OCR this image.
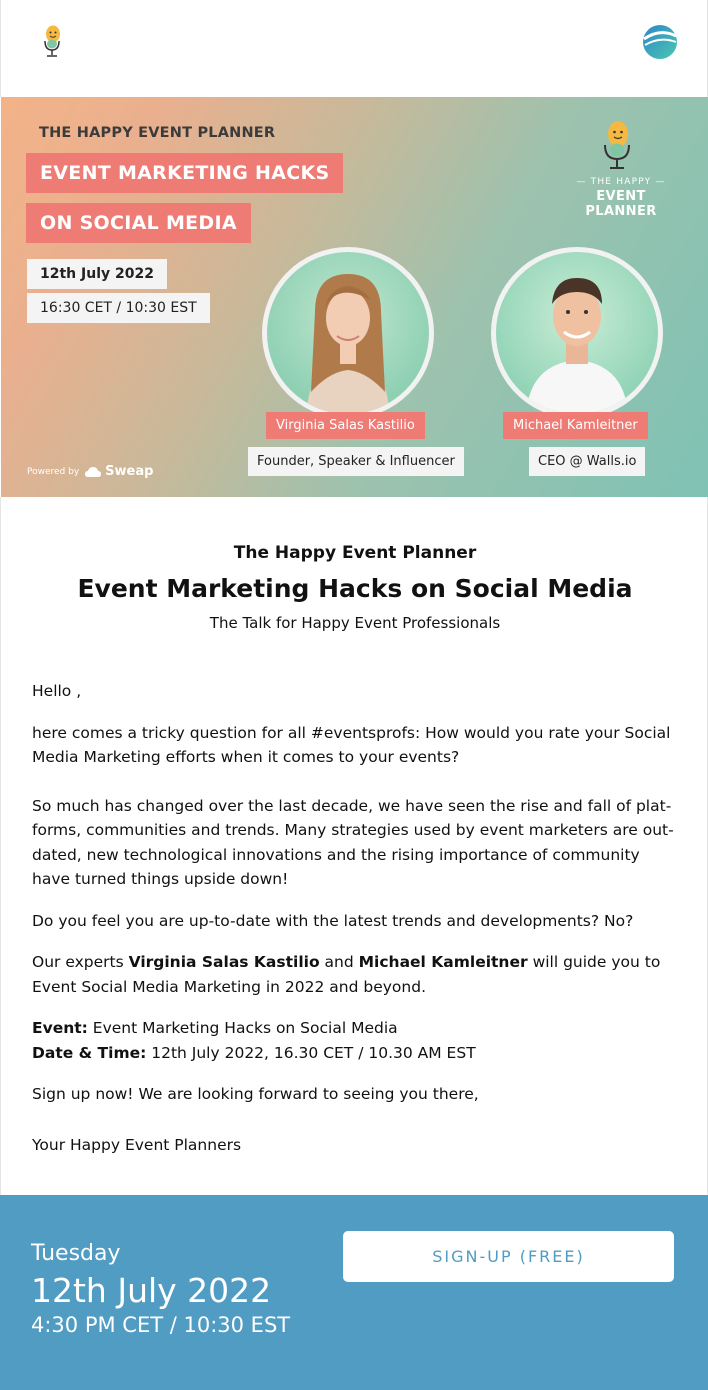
THE HAPPY EVENT PLANNER
EVENT MARKETING HACKS
ON SOCIAL MEDIA
12th July 2022
16:30 CET / 10:30 EST
— THE HAPPY —
EVENT PLANNER
Virginia Salas Kastilio	Michael Kamleitner
Founder, Speaker & Influencer	CEO @ Walls.io
Powered by Sweap
The Happy Event Planner
Event Marketing Hacks on Social Media
The Talk for Happy Event Professionals

Hello ,

here comes a tricky question for all #eventsprofs: How would you rate your Social Media Marketing efforts when it comes to your events?

So much has changed over the last decade, we have seen the rise and fall of plat-forms, communities and trends. Many strategies used by event marketers are out-dated, new technological innovations and the rising importance of community have turned things upside down!

Do you feel you are up-to-date with the latest trends and developments? No?

Our experts Virginia Salas Kastilio and Michael Kamleitner will guide you to Event Social Media Marketing in 2022 and beyond.

Event: Event Marketing Hacks on Social Media

Date & Time: 12th July 2022, 16.30 CET / 10.30 AM EST

Sign up now! We are looking forward to seeing you there,

Your Happy Event Planners

Tuesday
12th July 2022
4:30 PM CET / 10:30 EST
SIGN-UP (FREE)
